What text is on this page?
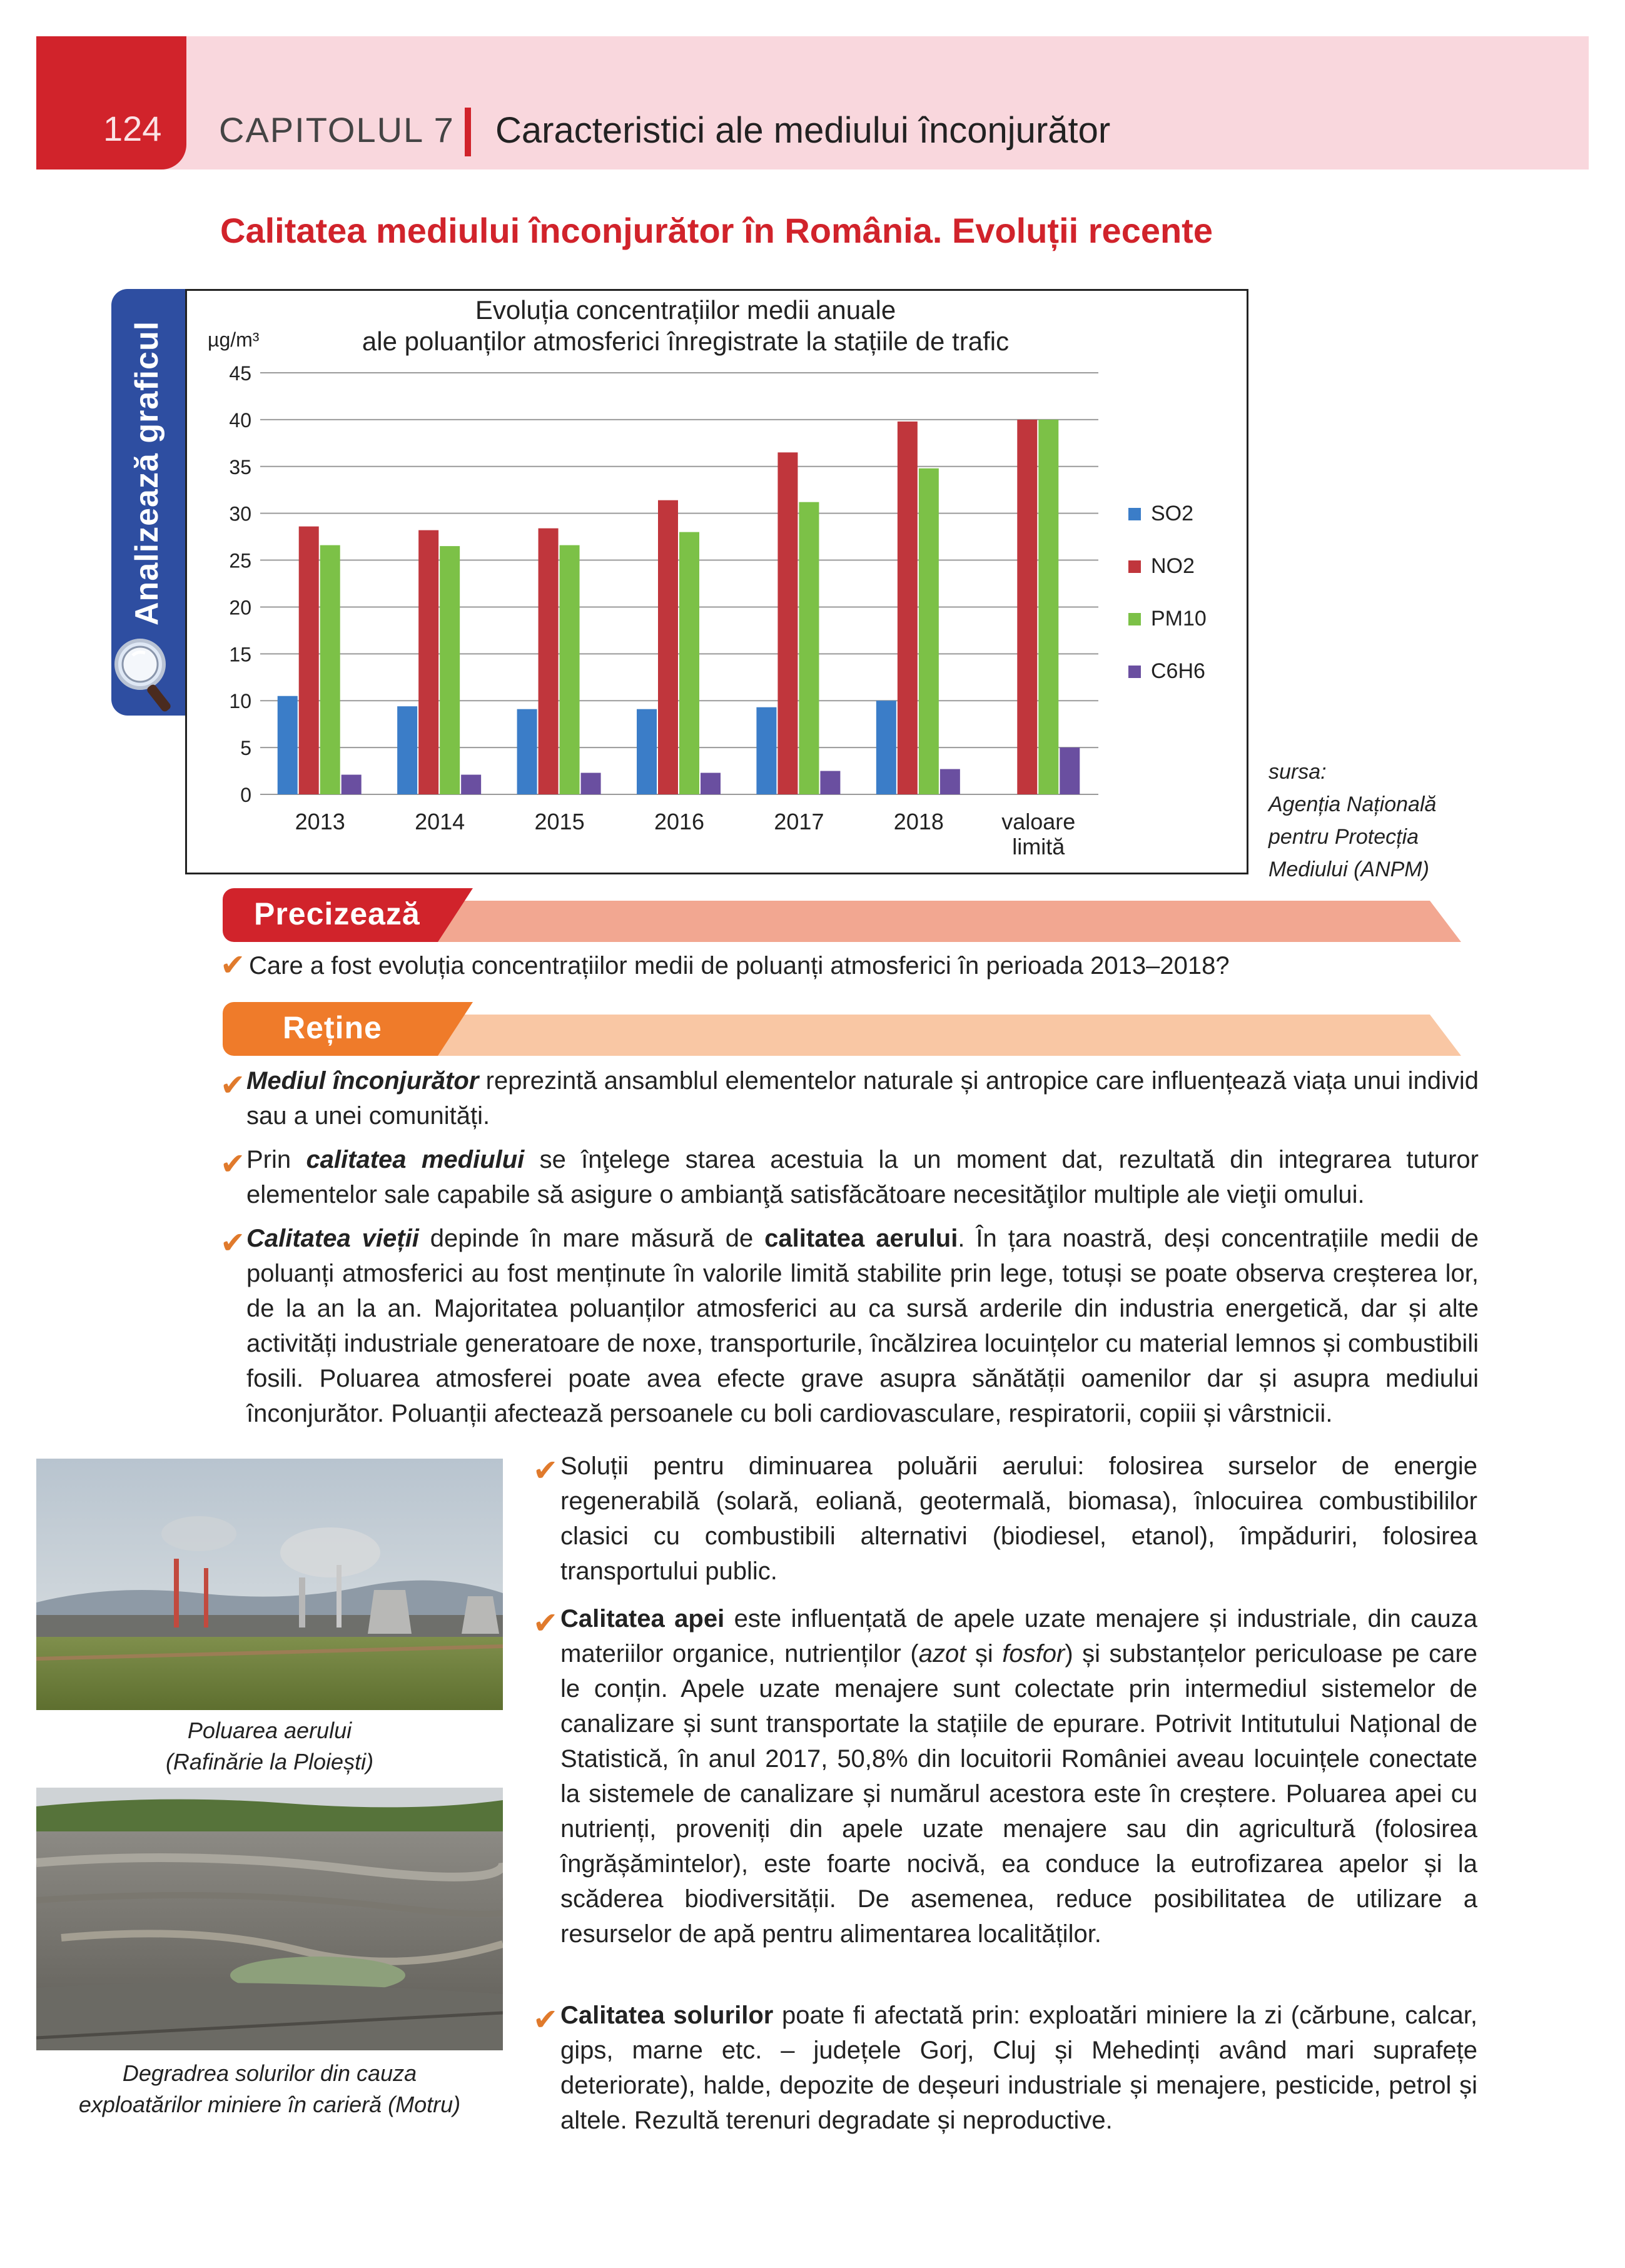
124 CAPITOLUL 7 Caracteristici ale mediului înconjurător
Calitatea mediului înconjurător în România. Evoluții recente
Analizează graficul
0
5
10
15
20
25
30
35
40
45
µg/m³
Evoluția concentrațiilor medii anuale
ale poluanților atmosferici înregistrate la stațiile de trafic
2013	2014	2015	2016	2017	2018	valoare
limită
SO2
NO2
PM10
C6H6
sursa:
Agenția Națională
pentru Protecția
Mediului (ANPM)
Precizează
✔ Care a fost evoluția concentrațiilor medii de poluanți atmosferici în perioada 2013–2018?
Reține
✔ Mediul înconjurător reprezintă ansamblul elementelor naturale și antropice care influențează viața unui individ sau a unei comunități.
✔ Prin calitatea mediului se înţelege starea acestuia la un moment dat, rezultată din integrarea tuturor elementelor sale capabile să asigure o ambianţă satisfăcătoare necesităţilor multiple ale vieţii omului.
✔ Calitatea vieții depinde în mare măsură de calitatea aerului. În țara noastră, deși concentrațiile medii de poluanți atmosferici au fost menținute în valorile limită stabilite prin lege, totuși se poate observa creșterea lor, de la an la an. Majoritatea poluanților atmosferici au ca sursă arderile din industria energetică, dar și alte activități industriale generatoare de noxe, transporturile, încălzirea locuințelor cu material lemnos și combustibili fosili. Poluarea atmosferei poate avea efecte grave asupra sănătății oamenilor dar și asupra mediului înconjurător. Poluanții afectează persoanele cu boli cardiovasculare, respiratorii, copiii și vârstnicii.
Poluarea aerului
(Rafinărie la Ploiești)
Degradrea solurilor din cauza
exploatărilor miniere în carieră (Motru)
✔ Soluții pentru diminuarea poluării aerului: folosirea surselor de energie regenerabilă (solară, eoliană, geotermală, biomasa), înlocuirea combustibililor clasici cu combustibili alternativi (biodiesel, etanol), împăduriri, folosirea transportului public.
✔ Calitatea apei este influențată de apele uzate menajere și industriale, din cauza materiilor organice, nutrienților (azot și fosfor) și substanțelor periculoase pe care le conțin. Apele uzate menajere sunt colectate prin intermediul sistemelor de canalizare și sunt transportate la stațiile de epurare. Potrivit Intitutului Național de Statistică, în anul 2017, 50,8% din locuitorii României aveau locuințele conectate la sistemele de canalizare și numărul acestora este în creștere. Poluarea apei cu nutrienți, proveniți din apele uzate menajere sau din agricultură (folosirea îngrășămintelor), este foarte nocivă, ea conduce la eutrofizarea apelor și la scăderea biodiversității. De asemenea, reduce posibilitatea de utilizare a resurselor de apă pentru alimentarea localităților.
✔ Calitatea solurilor poate fi afectată prin: exploatări miniere la zi (cărbune, calcar, gips, marne etc. – județele Gorj, Cluj și Mehedinți având mari suprafețe deteriorate), halde, depozite de deșeuri industriale și menajere, pesticide, petrol și altele. Rezultă terenuri degradate și neproductive.
